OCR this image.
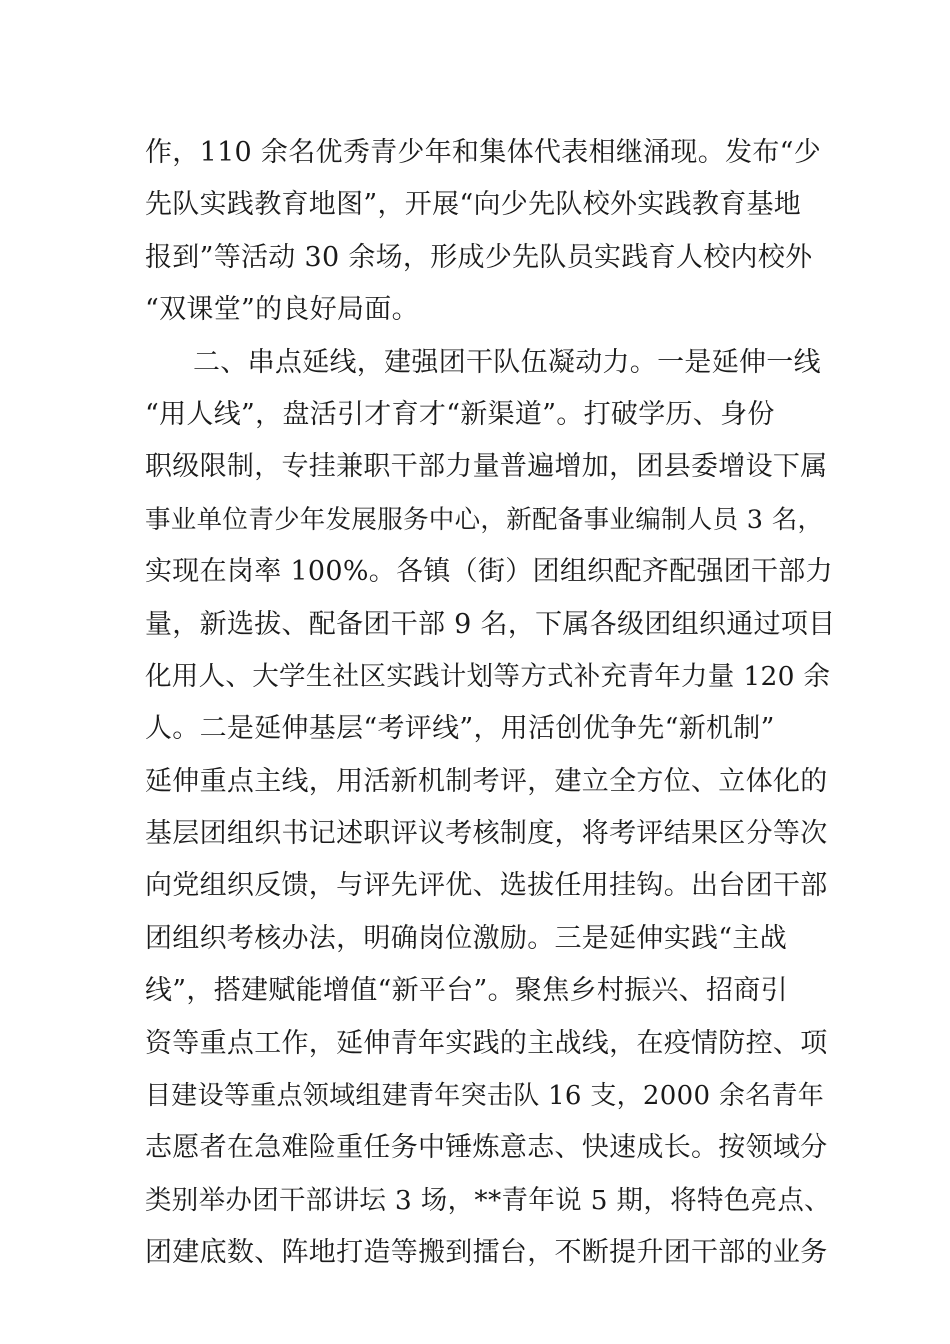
作，110 余名优秀青少年和集体代表相继涌现。发布“少
先队实践教育地图”，开展“向少先队校外实践教育基地
报到”等活动 30 余场，形成少先队员实践育人校内校外
“双课堂”的良好局面。
二、串点延线，建强团干队伍凝动力。一是延伸一线
“用人线”，盘活引才育才“新渠道”。打破学历、身份
职级限制，专挂兼职干部力量普遍增加，团县委增设下属
事业单位青少年发展服务中心，新配备事业编制人员 3 名，
实现在岗率 100%。各镇（街）团组织配齐配强团干部力
量，新选拔、配备团干部 9 名，下属各级团组织通过项目
化用人、大学生社区实践计划等方式补充青年力量 120 余
人。二是延伸基层“考评线”，用活创优争先“新机制”
延伸重点主线，用活新机制考评，建立全方位、立体化的
基层团组织书记述职评议考核制度，将考评结果区分等次
向党组织反馈，与评先评优、选拔任用挂钩。出台团干部
团组织考核办法，明确岗位激励。三是延伸实践“主战
线”，搭建赋能增值“新平台”。聚焦乡村振兴、招商引
资等重点工作，延伸青年实践的主战线，在疫情防控、项
目建设等重点领域组建青年突击队 16 支，2000 余名青年
志愿者在急难险重任务中锤炼意志、快速成长。按领域分
类别举办团干部讲坛 3 场，**青年说 5 期，将特色亮点、
团建底数、阵地打造等搬到擂台，不断提升团干部的业务
